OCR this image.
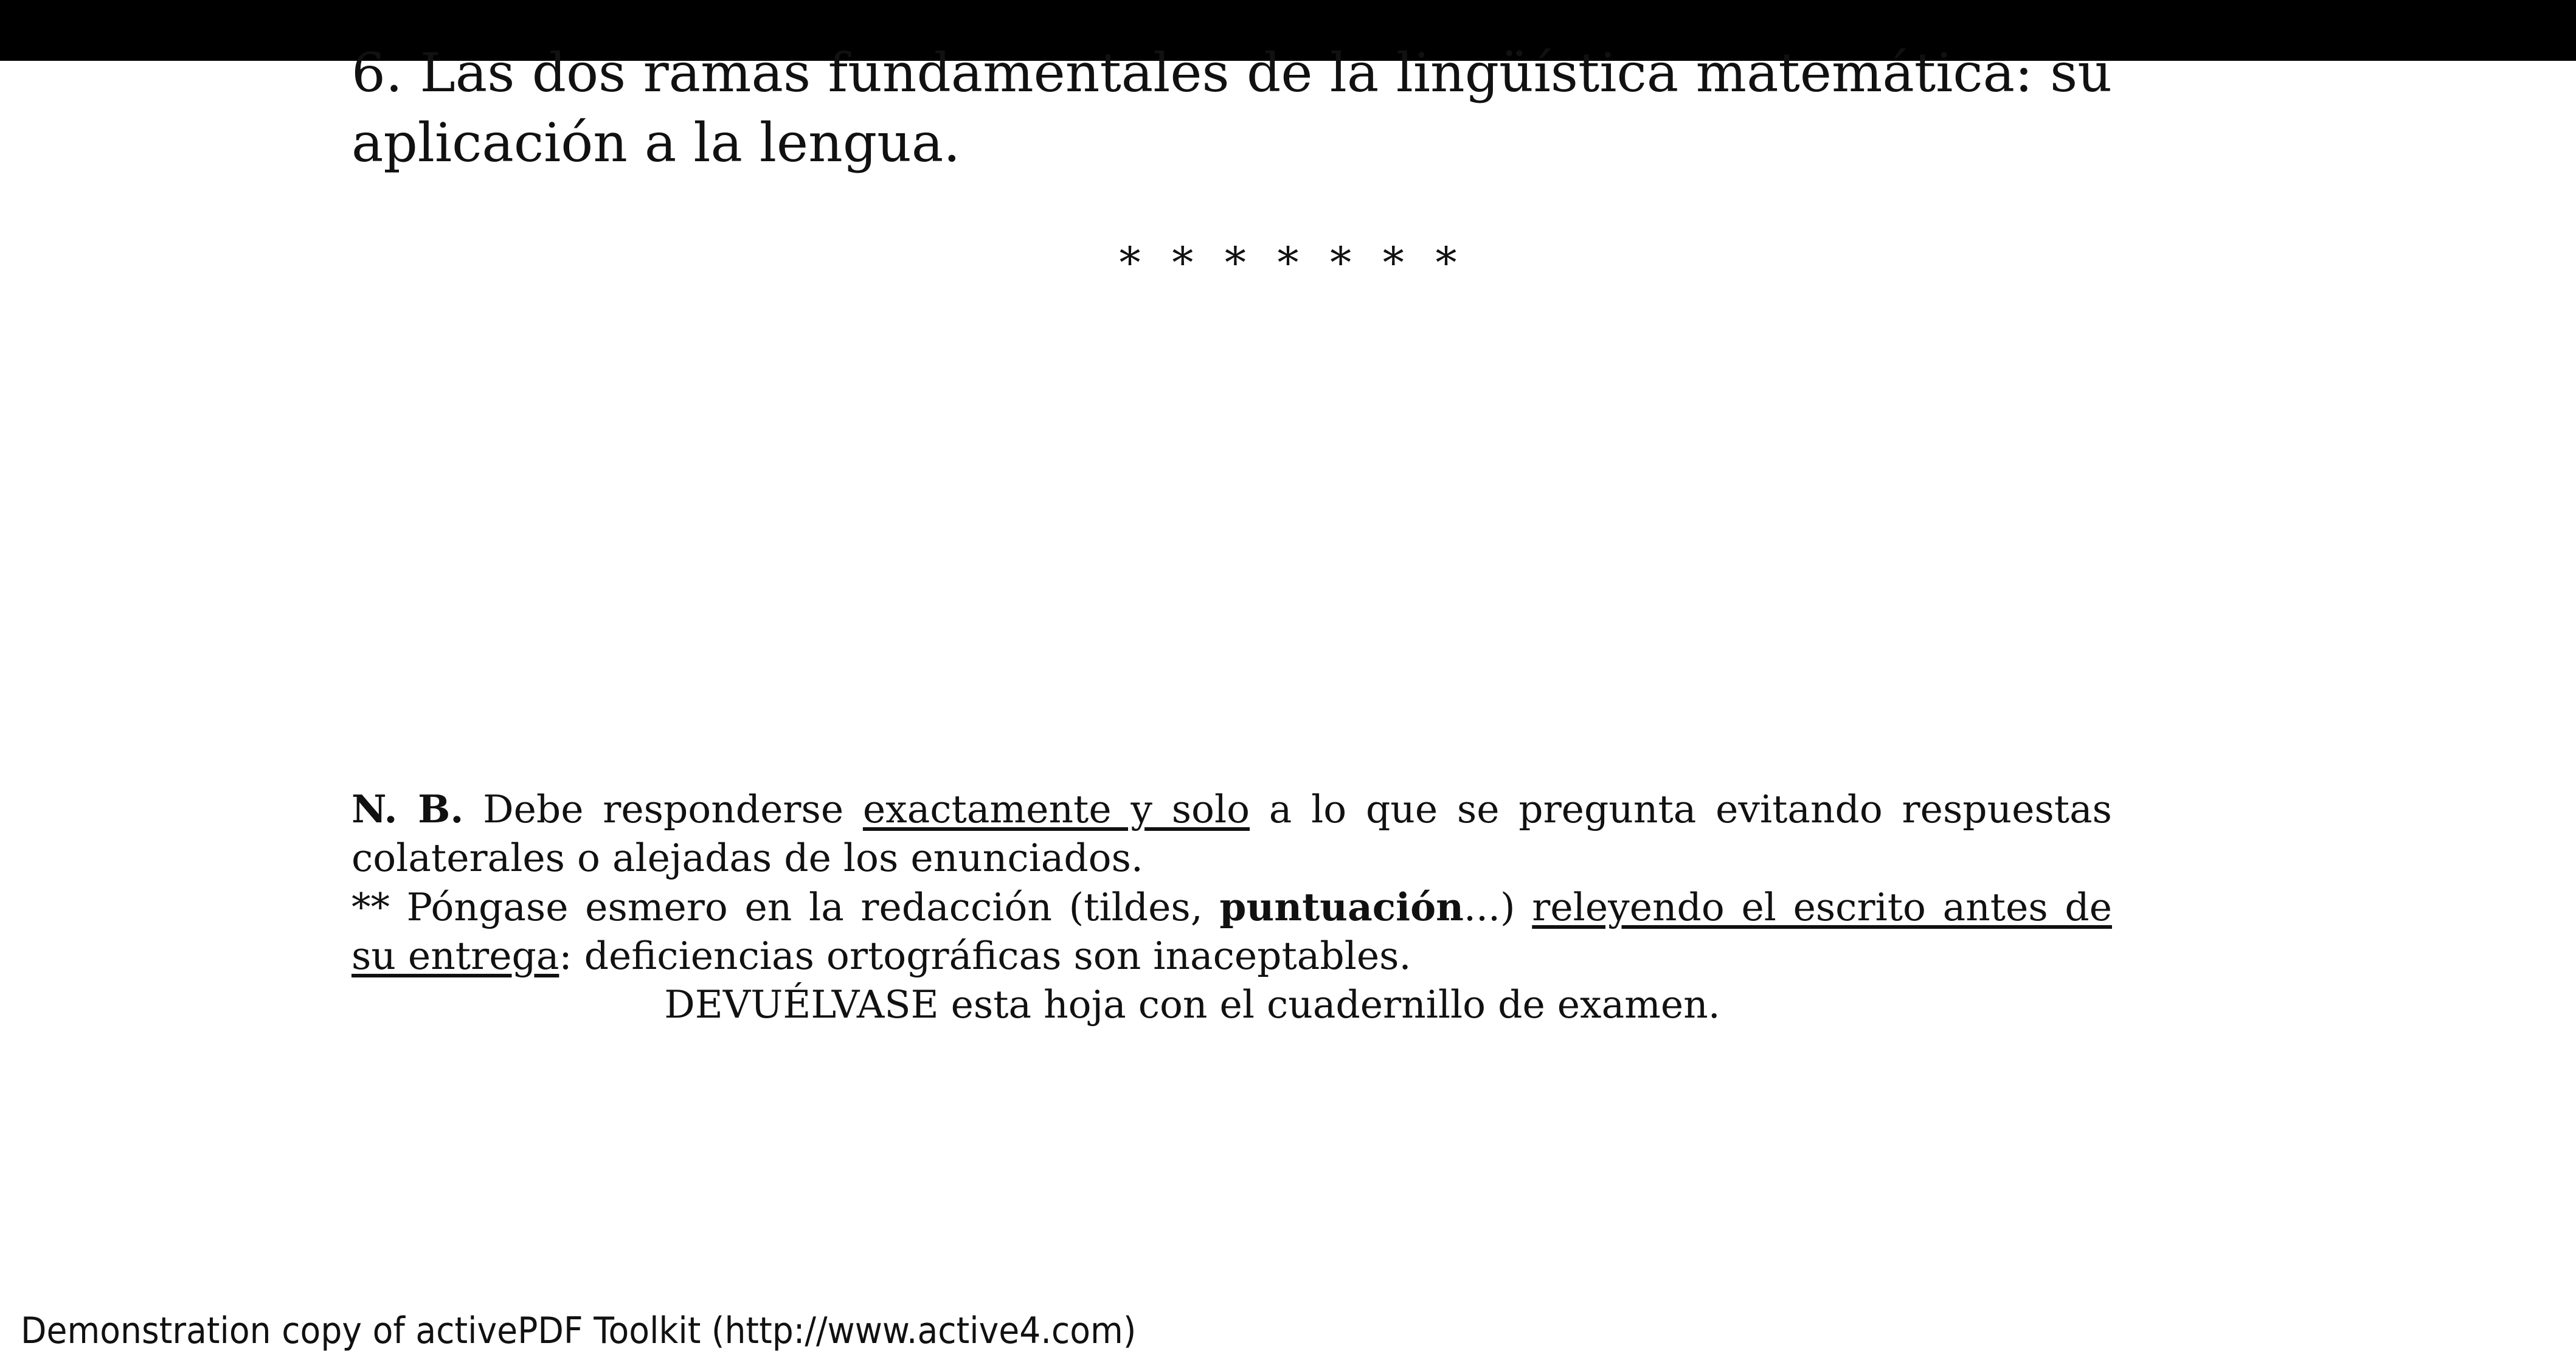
6. Las dos ramas fundamentales de la lingüística matemática: su aplicación a la lengua.

* * * * * * *

N. B. Debe responderse exactamente y solo a lo que se pregunta evitando respuestas colaterales o alejadas de los enunciados.

** Póngase esmero en la redacción (tildes, puntuación...) releyendo el escrito antes de su entrega: deficiencias ortográficas son inaceptables.

DEVUÉLVASE esta hoja con el cuadernillo de examen.

Demonstration copy of activePDF Toolkit (http://www.active4.com)
